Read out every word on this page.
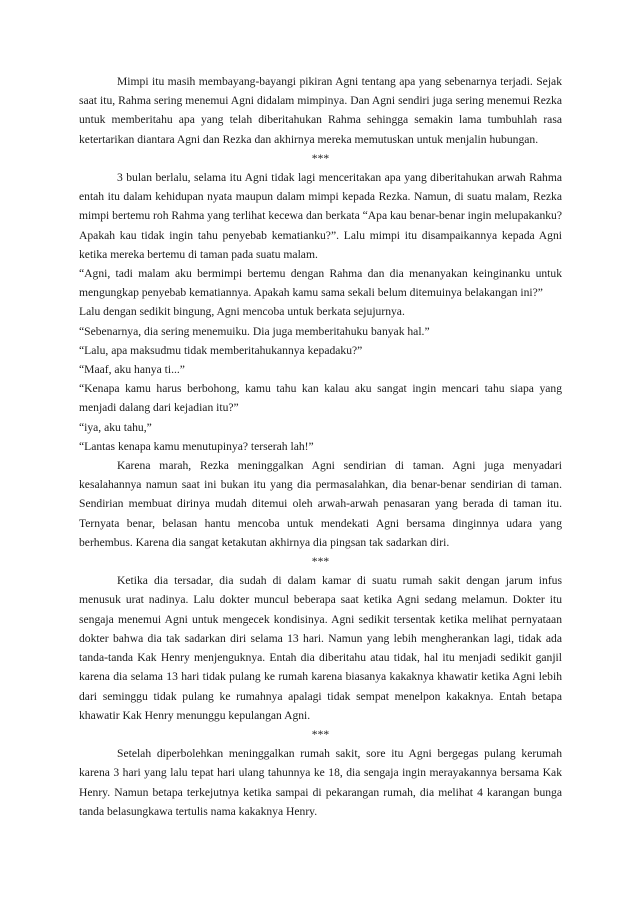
Mimpi itu masih membayang-bayangi pikiran Agni tentang apa yang sebenarnya terjadi. Sejak saat itu, Rahma sering menemui Agni didalam mimpinya. Dan Agni sendiri juga sering menemui Rezka untuk memberitahu apa yang telah diberitahukan Rahma sehingga semakin lama tumbuhlah rasa ketertarikan diantara Agni dan Rezka dan akhirnya mereka memutuskan untuk menjalin hubungan.

***

3 bulan berlalu, selama itu Agni tidak lagi menceritakan apa yang diberitahukan arwah Rahma entah itu dalam kehidupan nyata maupun dalam mimpi kepada Rezka. Namun, di suatu malam, Rezka mimpi bertemu roh Rahma yang terlihat kecewa dan berkata “Apa kau benar-benar ingin melupakanku? Apakah kau tidak ingin tahu penyebab kematianku?”. Lalu mimpi itu disampaikannya kepada Agni ketika mereka bertemu di taman pada suatu malam.

“Agni, tadi malam aku bermimpi bertemu dengan Rahma dan dia menanyakan keinginanku untuk mengungkap penyebab kematiannya. Apakah kamu sama sekali belum ditemuinya belakangan ini?”

Lalu dengan sedikit bingung, Agni mencoba untuk berkata sejujurnya.

“Sebenarnya, dia sering menemuiku. Dia juga memberitahuku banyak hal.”

“Lalu, apa maksudmu tidak memberitahukannya kepadaku?”

“Maaf, aku hanya ti...”

“Kenapa kamu harus berbohong, kamu tahu kan kalau aku sangat ingin mencari tahu siapa yang menjadi dalang dari kejadian itu?”

“iya, aku tahu,”

“Lantas kenapa kamu menutupinya? terserah lah!”

Karena marah, Rezka meninggalkan Agni sendirian di taman. Agni juga menyadari kesalahannya namun saat ini bukan itu yang dia permasalahkan, dia benar-benar sendirian di taman. Sendirian membuat dirinya mudah ditemui oleh arwah-arwah penasaran yang berada di taman itu. Ternyata benar, belasan hantu mencoba untuk mendekati Agni bersama dinginnya udara yang berhembus. Karena dia sangat ketakutan akhirnya dia pingsan tak sadarkan diri.

***

Ketika dia tersadar, dia sudah di dalam kamar di suatu rumah sakit dengan jarum infus menusuk urat nadinya. Lalu dokter muncul beberapa saat ketika Agni sedang melamun. Dokter itu sengaja menemui Agni untuk mengecek kondisinya. Agni sedikit tersentak ketika melihat pernyataan dokter bahwa dia tak sadarkan diri selama 13 hari. Namun yang lebih mengherankan lagi, tidak ada tanda-tanda Kak Henry menjenguknya. Entah dia diberitahu atau tidak, hal itu menjadi sedikit ganjil karena dia selama 13 hari tidak pulang ke rumah karena biasanya kakaknya khawatir ketika Agni lebih dari seminggu tidak pulang ke rumahnya apalagi tidak sempat menelpon kakaknya. Entah betapa khawatir Kak Henry menunggu kepulangan Agni.

***

Setelah diperbolehkan meninggalkan rumah sakit, sore itu Agni bergegas pulang kerumah karena 3 hari yang lalu tepat hari ulang tahunnya ke 18, dia sengaja ingin merayakannya bersama Kak Henry. Namun betapa terkejutnya ketika sampai di pekarangan rumah, dia melihat 4 karangan bunga tanda belasungkawa tertulis nama kakaknya Henry.
